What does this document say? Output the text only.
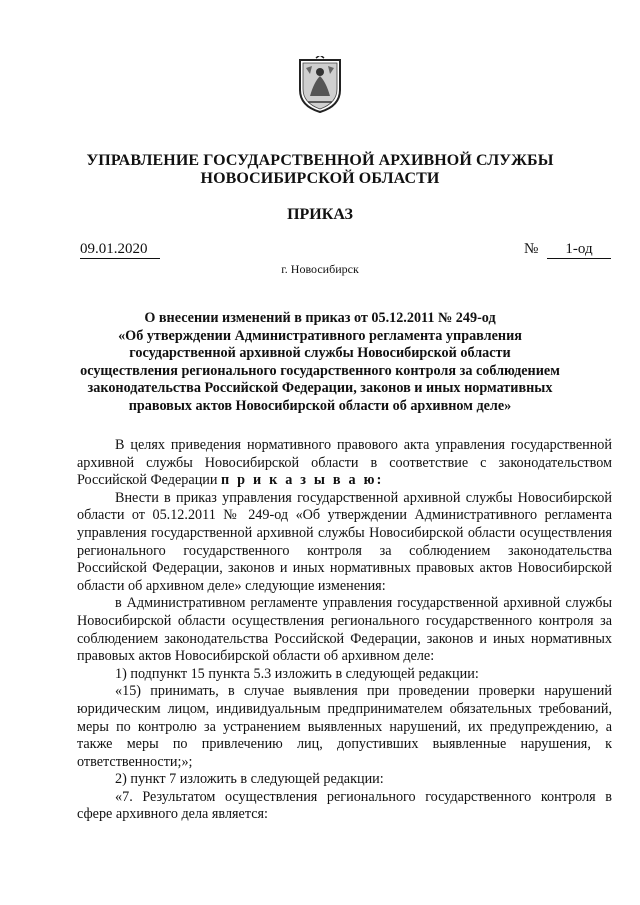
УПРАВЛЕНИЕ ГОСУДАРСТВЕННОЙ АРХИВНОЙ СЛУЖБЫ
НОВОСИБИРСКОЙ ОБЛАСТИ
ПРИКАЗ
09.01.2020	№	1-од
г. Новосибирск
О внесении изменений в приказ от 05.12.2011 № 249-од
«Об утверждении Административного регламента управления
государственной архивной службы Новосибирской области
осуществления регионального государственного контроля за соблюдением
законодательства Российской Федерации, законов и иных нормативных
правовых актов Новосибирской области об архивном деле»

В целях приведения нормативного правового акта управления государственной архивной службы Новосибирской области в соответствие с законодательством Российской Федерации п р и к а з ы в а ю:

Внести в приказ управления государственной архивной службы Новосибирской области от 05.12.2011 № 249-од «Об утверждении Административного регламента управления государственной архивной службы Новосибирской области осуществления регионального государственного контроля за соблюдением законодательства Российской Федерации, законов и иных нормативных правовых актов Новосибирской области об архивном деле» следующие изменения:

в Административном регламенте управления государственной архивной службы Новосибирской области осуществления регионального государственного контроля за соблюдением законодательства Российской Федерации, законов и иных нормативных правовых актов Новосибирской области об архивном деле:

1) подпункт 15 пункта 5.3 изложить в следующей редакции:

«15) принимать, в случае выявления при проведении проверки нарушений юридическим лицом, индивидуальным предпринимателем обязательных требований, меры по контролю за устранением выявленных нарушений, их предупреждению, а также меры по привлечению лиц, допустивших выявленные нарушения, к ответственности;»;

2) пункт 7 изложить в следующей редакции:

«7. Результатом осуществления регионального государственного контроля в сфере архивного дела является:
